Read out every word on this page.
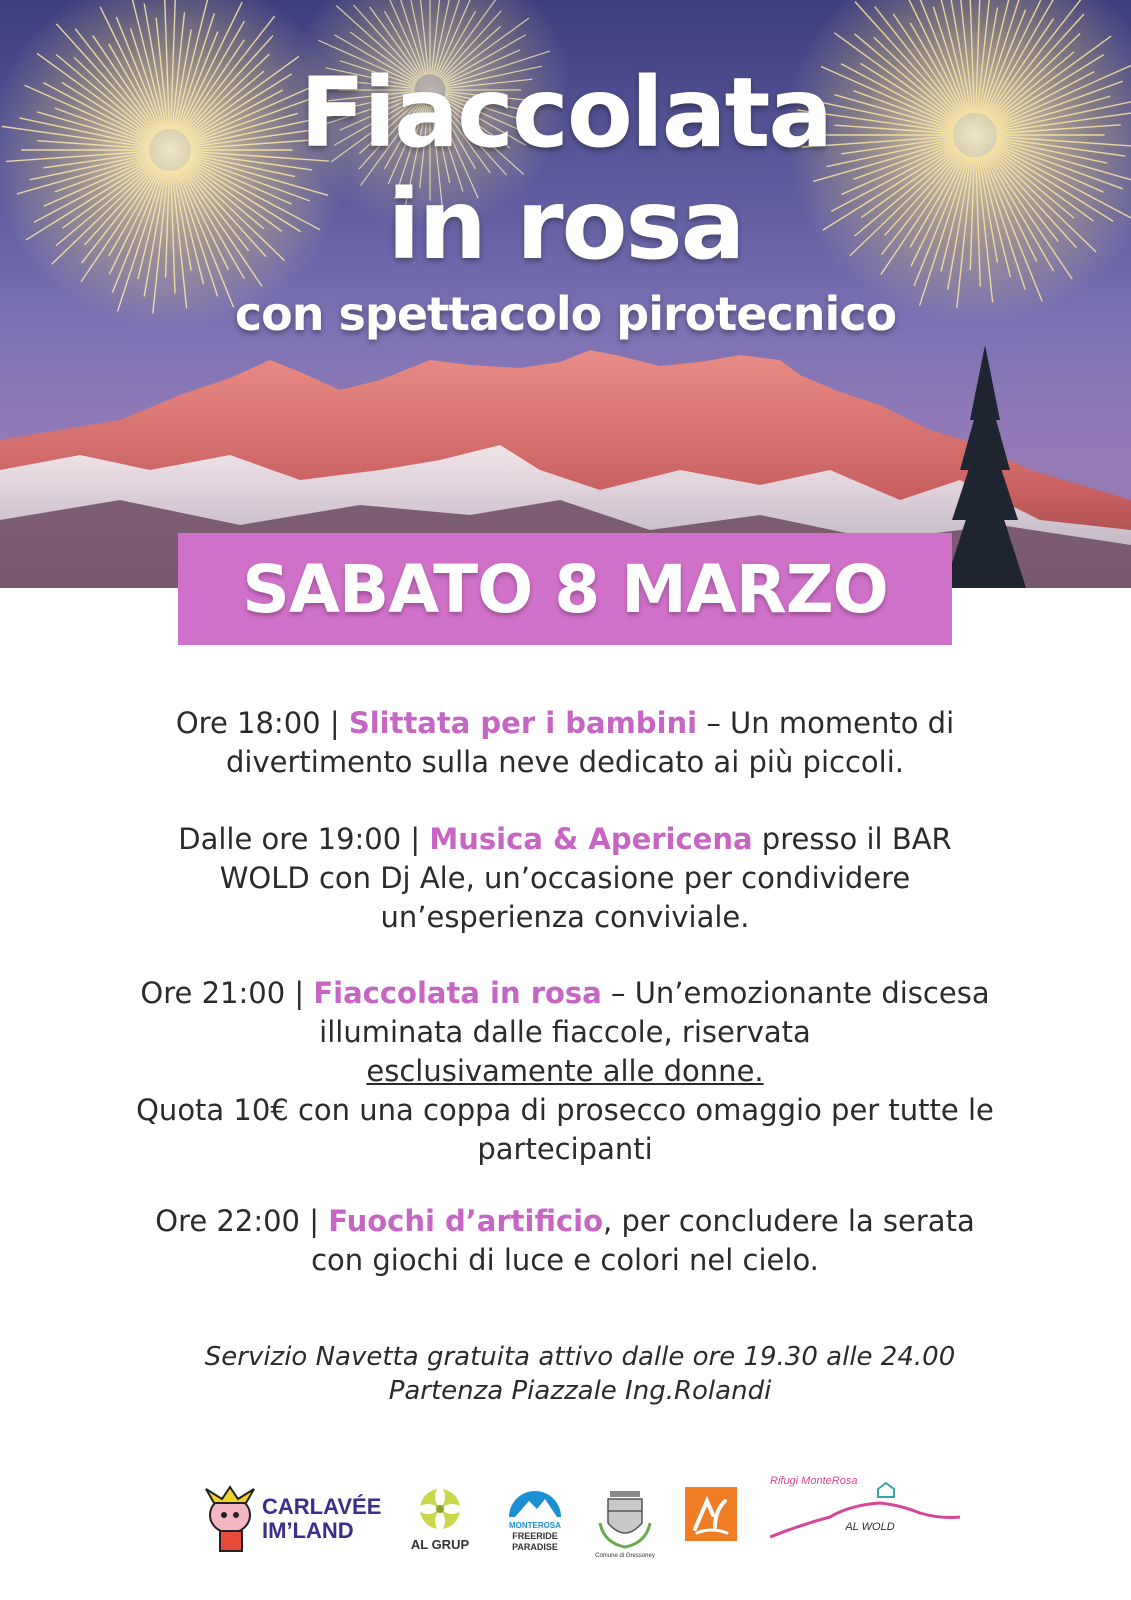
Fiaccolata
in rosa
con spettacolo pirotecnico
SABATO 8 MARZO
Ore 18:00 | Slittata per i bambini – Un momento di divertimento sulla neve dedicato ai più piccoli.
Dalle ore 19:00 | Musica & Apericena presso il BAR WOLD con Dj Ale, un’occasione per condividere un’esperienza conviviale.
Ore 21:00 | Fiaccolata in rosa – Un’emozionante discesa illuminata dalle fiaccole, riservata
esclusivamente alle donne.
Quota 10€ con una coppa di prosecco omaggio per tutte le partecipanti
Ore 22:00 | Fuochi d’artificio, per concludere la serata con giochi di luce e colori nel cielo.
Servizio Navetta gratuita attivo dalle ore 19.30 alle 24.00
Partenza Piazzale Ing.Rolandi
CARLAVÉE
IM’LAND
AL GRUP
MONTEROSA
FREERIDE
PARADISE
Comune di Gressoney
Rifugi MonteRosa
AL WOLD
